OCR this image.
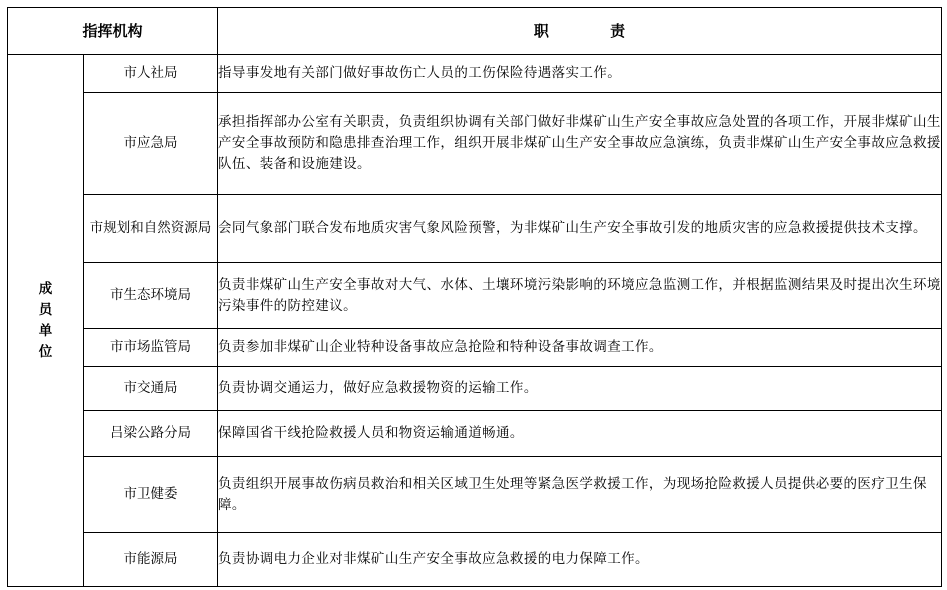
指挥机构		职 责
成员单位	市人社局	指导事发地有关部门做好事故伤亡人员的工伤保险待遇落实工作。
	市应急局	承担指挥部办公室有关职责，负责组织协调有关部门做好非煤矿山生产安全事故应急处置的各项工作，开展非煤矿山生产安全事故预防和隐患排查治理工作，组织开展非煤矿山生产安全事故应急演练，负责非煤矿山生产安全事故应急救援队伍、装备和设施建设。
	市规划和自然资源局	会同气象部门联合发布地质灾害气象风险预警，为非煤矿山生产安全事故引发的地质灾害的应急救援提供技术支撑。
	市生态环境局	负责非煤矿山生产安全事故对大气、水体、土壤环境污染影响的环境应急监测工作，并根据监测结果及时提出次生环境污染事件的防控建议。
	市市场监管局	负责参加非煤矿山企业特种设备事故应急抢险和特种设备事故调查工作。
	市交通局	负责协调交通运力，做好应急救援物资的运输工作。
	吕梁公路分局	保障国省干线抢险救援人员和物资运输通道畅通。
	市卫健委	负责组织开展事故伤病员救治和相关区域卫生处理等紧急医学救援工作，为现场抢险救援人员提供必要的医疗卫生保障。
	市能源局	负责协调电力企业对非煤矿山生产安全事故应急救援的电力保障工作。
